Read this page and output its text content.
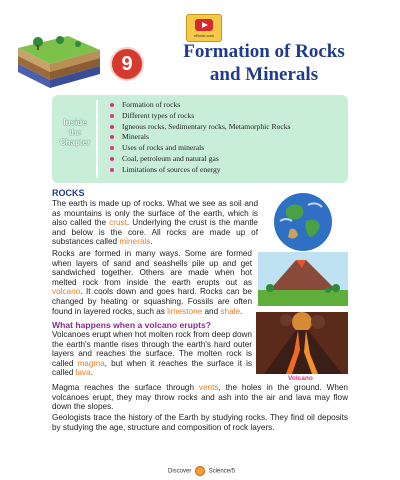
eBook.com
9
Formation of Rocks
and Minerals
Inside
the
Chapter
Formation of rocks
Different types of rocks
Igneous rocks, Sedimentary rocks, Metamorphic Rocks
Minerals
Uses of rocks and minerals
Coal, petroleum and natural gas
Limitations of sources of energy
ROCKS
The earth is made up of rocks. What we see as soil and as mountains is only the surface of the earth, which is also called the crust. Underlying the crust is the mantle and below is the core. All rocks are made up of substances called minerals.
Rocks are formed in many ways. Some are formed when layers of sand and seashells pile up and get sandwiched together. Others are made when hot melted rock from inside the earth erupts out as volcano. It cools down and goes hard. Rocks can be changed by heating or squashing. Fossils are often found in layered rocks, such as limestone and shale.
What happens when a volcano erupts?
Volcanoes erupt when hot molten rock from deep down the earth's mantle rises through the earth's hard outer layers and reaches the surface. The molten rock is called magma, but when it reaches the surface it is called lava.
Magma reaches the surface through vents, the holes in the ground. When volcanoes erupt, they may throw rocks and ash into the air and lava may flow down the slopes.
Geologists trace the history of the Earth by studying rocks. They find oil deposits by studying the age, structure and composition of rock layers.
Volcano
Discover	Science/5
